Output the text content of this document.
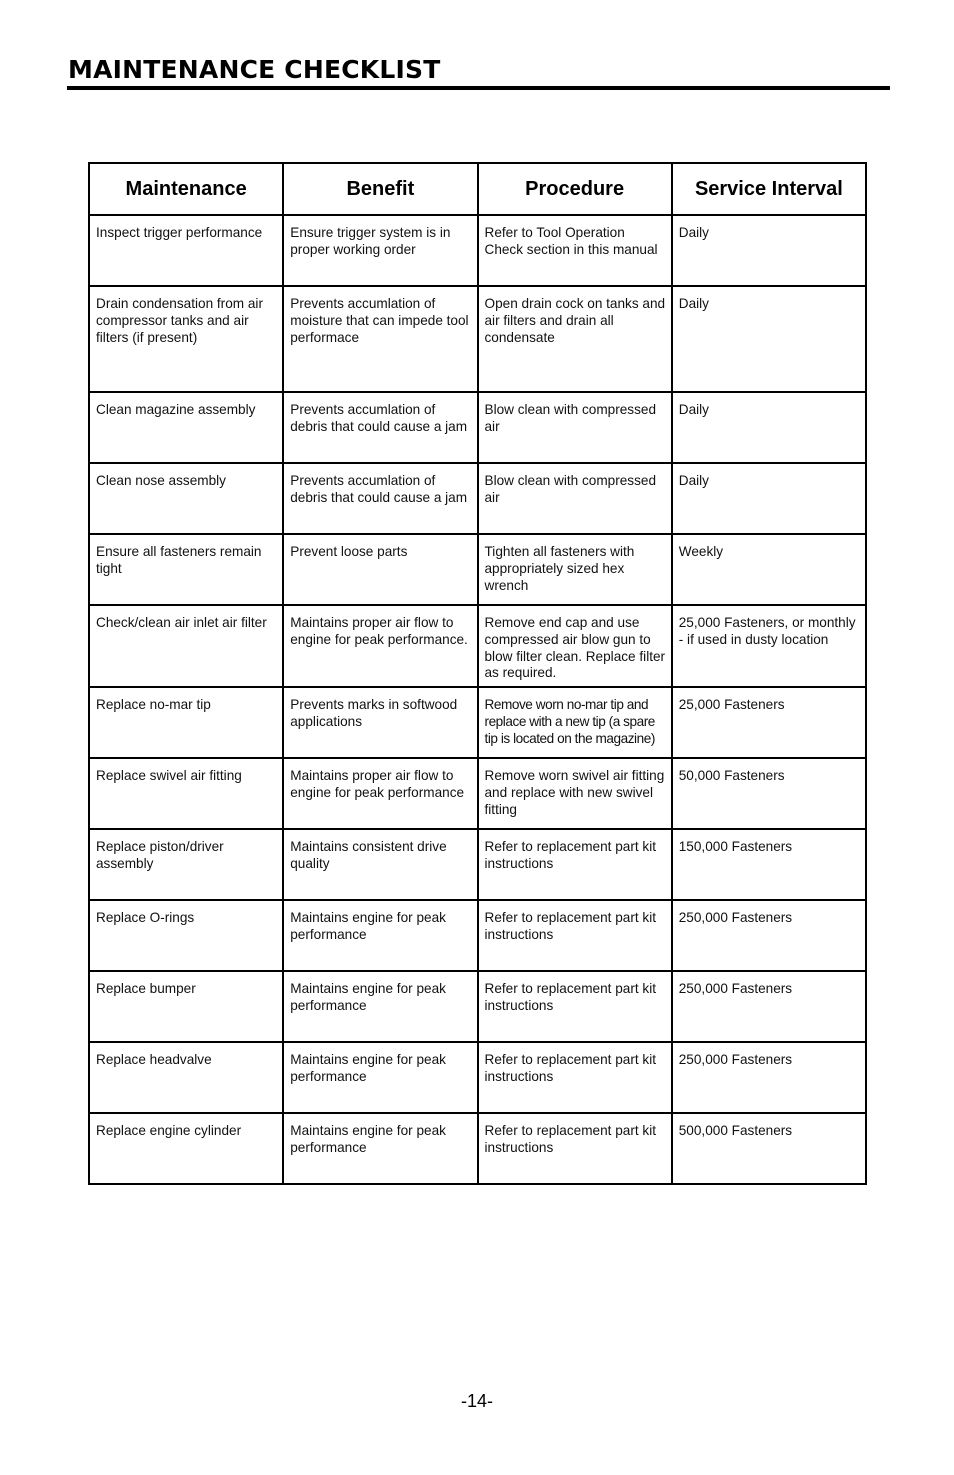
MAINTENANCE CHECKLIST
Maintenance	Benefit	Procedure	Service Interval
Inspect trigger performance	Ensure trigger system is in proper working order	Refer to Tool Operation Check section in this manual	Daily
Drain condensation from air compressor tanks and air filters (if present)	Prevents accumlation of moisture that can impede tool performace	Open drain cock on tanks and air filters and drain all condensate	Daily
Clean magazine assembly	Prevents accumlation of debris that could cause a jam	Blow clean with compressed air	Daily
Clean nose assembly	Prevents accumlation of debris that could cause a jam	Blow clean with compressed air	Daily
Ensure all fasteners remain tight	Prevent loose parts	Tighten all fasteners with appropriately sized hex wrench	Weekly
Check/clean air inlet air filter	Maintains proper air flow to engine for peak performance.	Remove end cap and use compressed air blow gun to blow filter clean. Replace filter as required.	25,000 Fasteners, or monthly - if used in dusty location
Replace no-mar tip	Prevents marks in softwood applications	Remove worn no-mar tip and replace with a new tip (a spare tip is located on the magazine)	25,000 Fasteners
Replace swivel air fitting	Maintains proper air flow to engine for peak performance	Remove worn swivel air fitting and replace with new swivel fitting	50,000 Fasteners
Replace piston/driver assembly	Maintains consistent drive quality	Refer to replacement part kit instructions	150,000 Fasteners
Replace O-rings	Maintains engine for peak performance	Refer to replacement part kit instructions	250,000 Fasteners
Replace bumper	Maintains engine for peak performance	Refer to replacement part kit instructions	250,000 Fasteners
Replace headvalve	Maintains engine for peak performance	Refer to replacement part kit instructions	250,000 Fasteners
Replace engine cylinder	Maintains engine for peak performance	Refer to replacement part kit instructions	500,000 Fasteners
-14-
